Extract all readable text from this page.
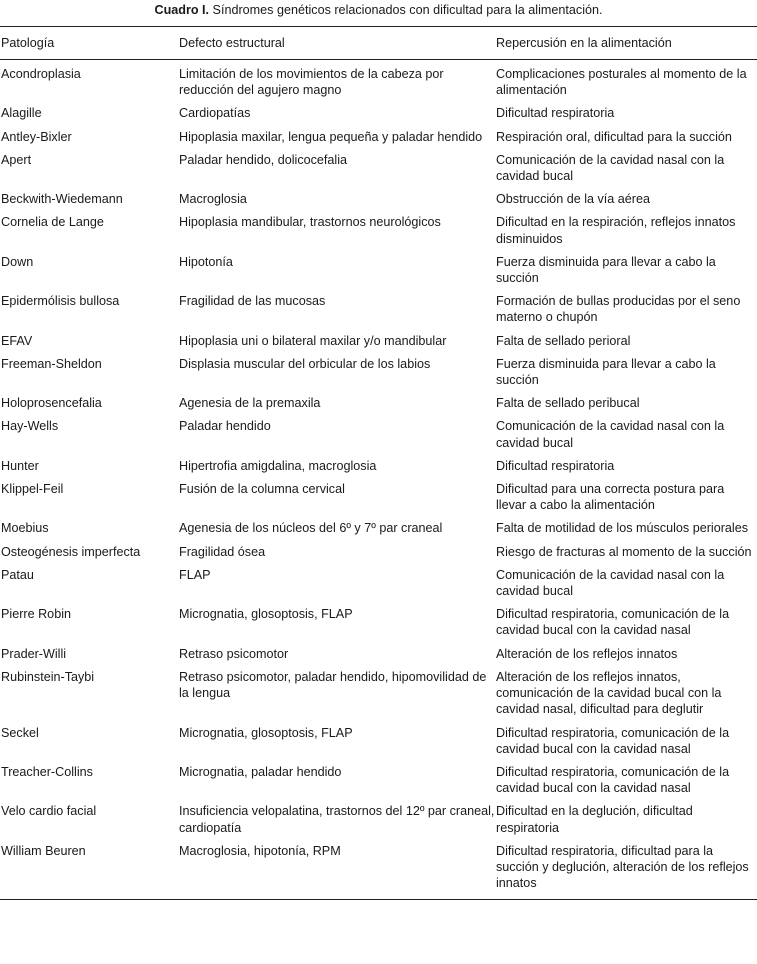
Cuadro I. Síndromes genéticos relacionados con dificultad para la alimentación.
Patología	Defecto estructural	Repercusión en la alimentación
Acondroplasia	Limitación de los movimientos de la cabeza por reducción del agujero magno	Complicaciones posturales al momento de la alimentación
Alagille	Cardiopatías	Dificultad respiratoria
Antley-Bixler	Hipoplasia maxilar, lengua pequeña y paladar hendido	Respiración oral, dificultad para la succión
Apert	Paladar hendido, dolicocefalia	Comunicación de la cavidad nasal con la cavidad bucal
Beckwith-Wiedemann	Macroglosia	Obstrucción de la vía aérea
Cornelia de Lange	Hipoplasia mandibular, trastornos neurológicos	Dificultad en la respiración, reflejos innatos disminuidos
Down	Hipotonía	Fuerza disminuida para llevar a cabo la succión
Epidermólisis bullosa	Fragilidad de las mucosas	Formación de bullas producidas por el seno materno o chupón
EFAV	Hipoplasia uni o bilateral maxilar y/o mandibular	Falta de sellado perioral
Freeman-Sheldon	Displasia muscular del orbicular de los labios	Fuerza disminuida para llevar a cabo la succión
Holoprosencefalia	Agenesia de la premaxila	Falta de sellado peribucal
Hay-Wells	Paladar hendido	Comunicación de la cavidad nasal con la cavidad bucal
Hunter	Hipertrofia amigdalina, macroglosia	Dificultad respiratoria
Klippel-Feil	Fusión de la columna cervical	Dificultad para una correcta postura para llevar a cabo la alimentación
Moebius	Agenesia de los núcleos del 6º y 7º par craneal	Falta de motilidad de los músculos periorales
Osteogénesis imperfecta	Fragilidad ósea	Riesgo de fracturas al momento de la succión
Patau	FLAP	Comunicación de la cavidad nasal con la cavidad bucal
Pierre Robin	Micrognatia, glosoptosis, FLAP	Dificultad respiratoria, comunicación de la cavidad bucal con la cavidad nasal
Prader-Willi	Retraso psicomotor	Alteración de los reflejos innatos
Rubinstein-Taybi	Retraso psicomotor, paladar hendido, hipomovilidad de la lengua	Alteración de los reflejos innatos, comunicación de la cavidad bucal con la cavidad nasal, dificultad para deglutir
Seckel	Micrognatia, glosoptosis, FLAP	Dificultad respiratoria, comunicación de la cavidad bucal con la cavidad nasal
Treacher-Collins	Micrognatia, paladar hendido	Dificultad respiratoria, comunicación de la cavidad bucal con la cavidad nasal
Velo cardio facial	Insuficiencia velopalatina, trastornos del 12º par craneal, cardiopatía	Dificultad en la deglución, dificultad respiratoria
William Beuren	Macroglosia, hipotonía, RPM	Dificultad respiratoria, dificultad para la succión y deglución, alteración de los reflejos innatos
